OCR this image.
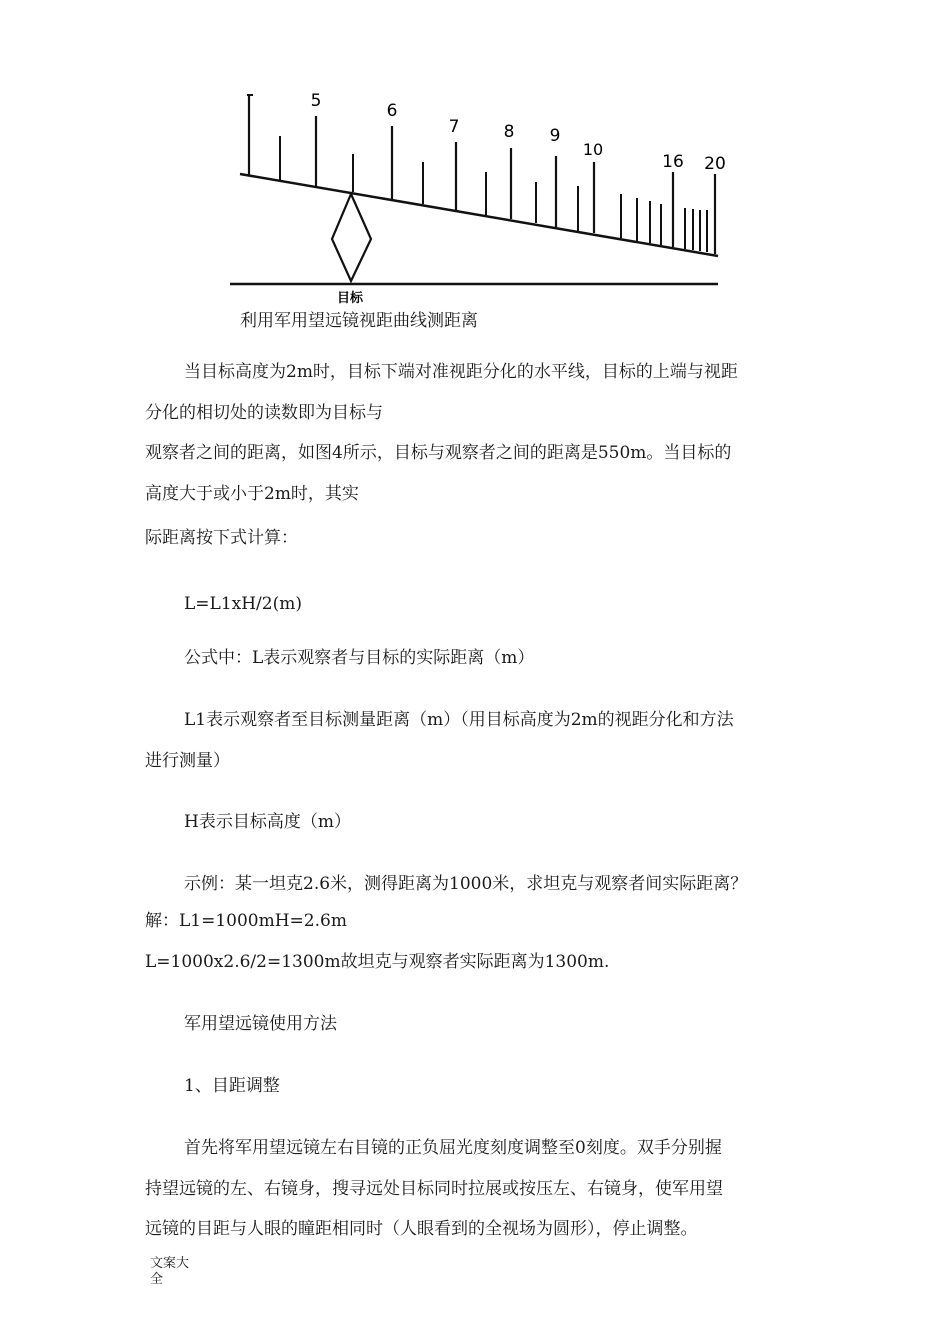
5	6
7	8 9
10
16 20
目标
利用军用望远镜视距曲线测距离
当目标高度为2m时，目标下端对准视距分化的水平线，目标的上端与视距
分化的相切处的读数即为目标与
观察者之间的距离，如图4所示，目标与观察者之间的距离是550m。当目标的
高度大于或小于2m时，其实
际距离按下式计算：
L=L1xH/2(m)
公式中：L表示观察者与目标的实际距离（m）
L1表示观察者至目标测量距离（m）（用目标高度为2m的视距分化和方法
进行测量）
H表示目标高度（m）
示例：某一坦克2.6米，测得距离为1000米，求坦克与观察者间实际距离？
解：L1=1000mH=2.6m
L=1000x2.6/2=1300m故坦克与观察者实际距离为1300m.
军用望远镜使用方法
1、目距调整
首先将军用望远镜左右目镜的正负屈光度刻度调整至0刻度。双手分别握
持望远镜的左、右镜身，搜寻远处目标同时拉展或按压左、右镜身，使军用望
远镜的目距与人眼的瞳距相同时（人眼看到的全视场为圆形），停止调整。
文案大全
